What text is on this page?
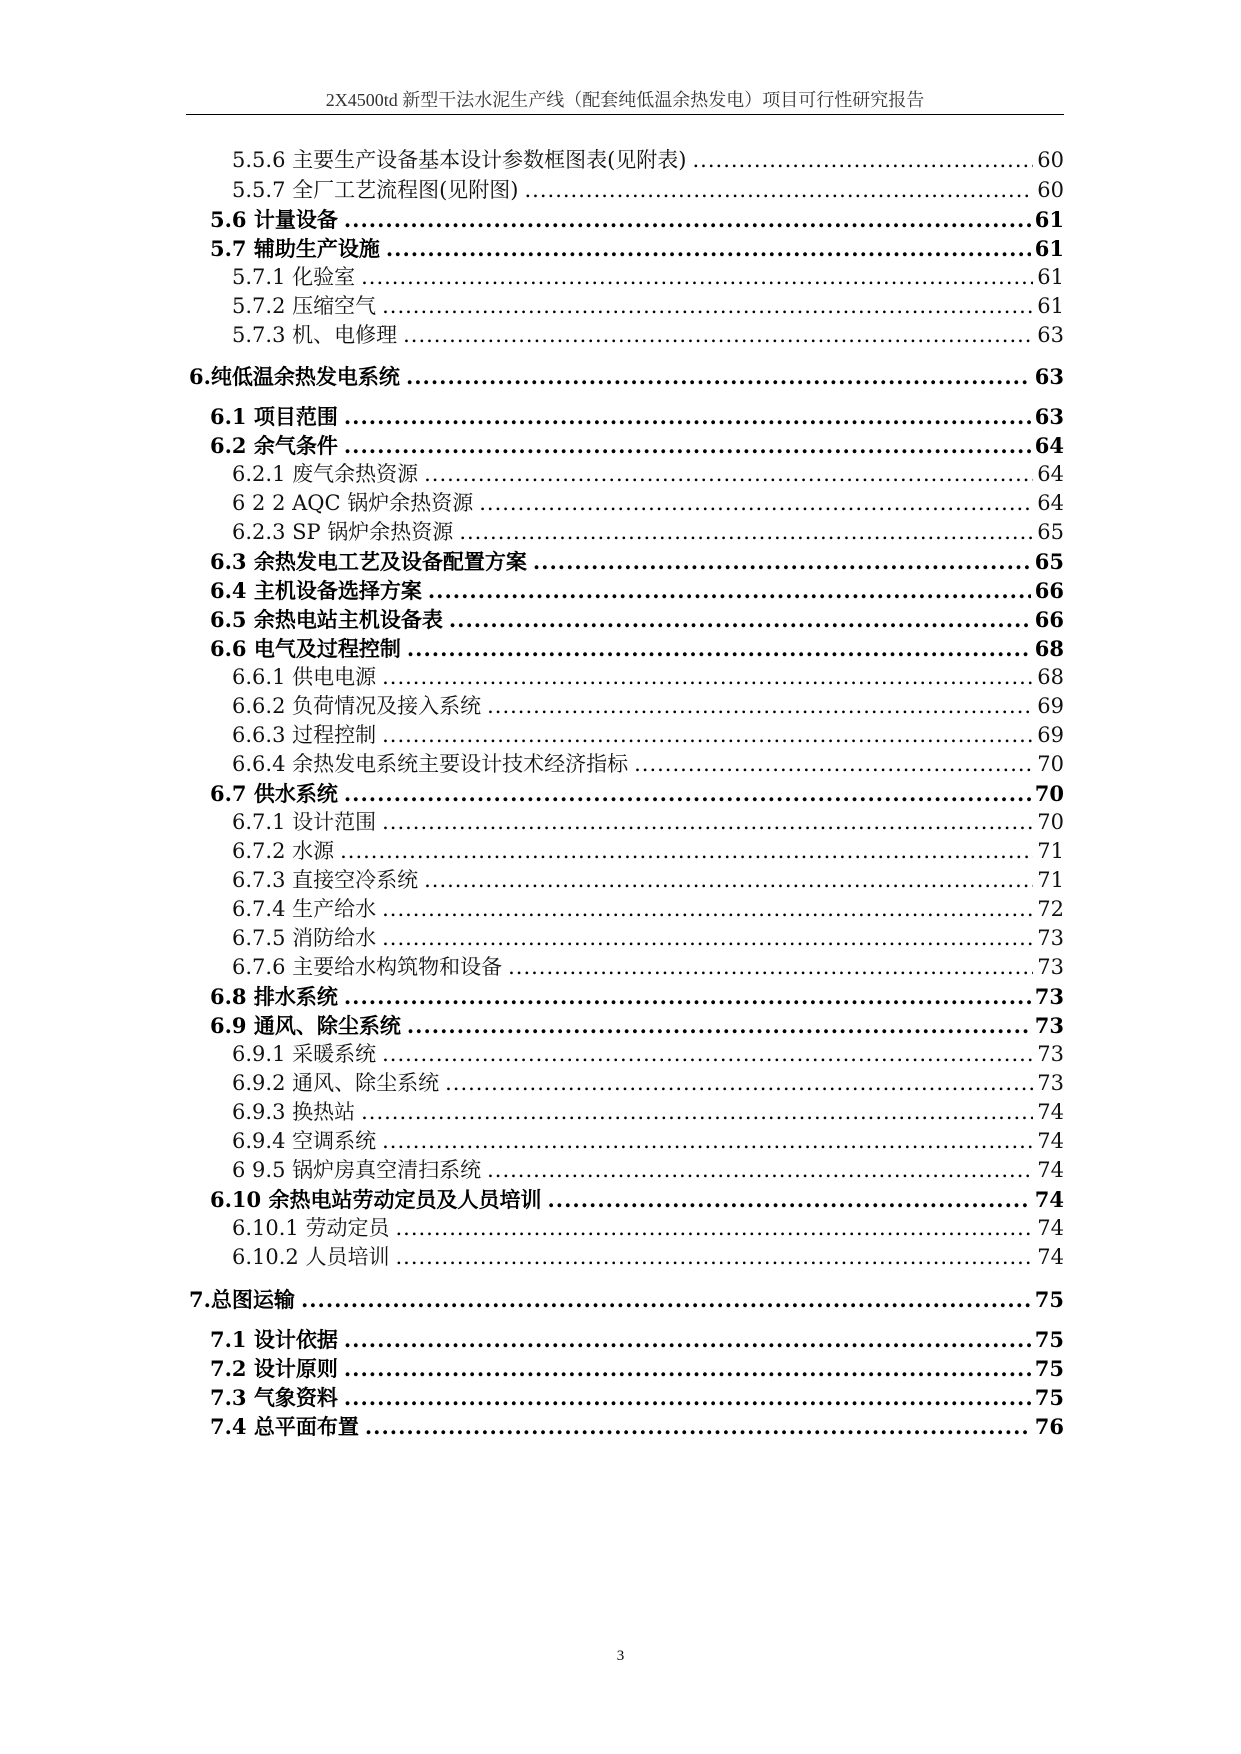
2X4500td 新型干法水泥生产线（配套纯低温余热发电）项目可行性研究报告
5.5.6 主要生产设备基本设计参数框图表(见附表) .....	60
5.5.7 全厂工艺流程图(见附图) .....	60
5.6 计量设备 .....	61
5.7 辅助生产设施 .....	61
5.7.1 化验室 .....	61
5.7.2 压缩空气 .....	61
5.7.3 机、电修理 .....	63
6.纯低温余热发电系统 .....	63
6.1 项目范围 .....	63
6.2 余气条件 .....	64
6.2.1 废气余热资源 .....	64
6 2 2 AQC 锅炉余热资源 .....	64
6.2.3 SP 锅炉余热资源 .....	65
6.3 余热发电工艺及设备配置方案 .....	65
6.4 主机设备选择方案 .....	66
6.5 余热电站主机设备表 .....	66
6.6 电气及过程控制 .....	68
6.6.1 供电电源 .....	68
6.6.2 负荷情况及接入系统 .....	69
6.6.3 过程控制 .....	69
6.6.4 余热发电系统主要设计技术经济指标 .....	70
6.7 供水系统 .....	70
6.7.1 设计范围 .....	70
6.7.2 水源 .....	71
6.7.3 直接空冷系统 .....	71
6.7.4 生产给水 .....	72
6.7.5 消防给水 .....	73
6.7.6 主要给水构筑物和设备 .....	73
6.8 排水系统 .....	73
6.9 通风、除尘系统 .....	73
6.9.1 采暖系统 .....	73
6.9.2 通风、除尘系统 .....	73
6.9.3 换热站 .....	74
6.9.4 空调系统 .....	74
6 9.5 锅炉房真空清扫系统 .....	74
6.10 余热电站劳动定员及人员培训 .....	74
6.10.1 劳动定员 .....	74
6.10.2 人员培训 .....	74
7.总图运输 .....	75
7.1 设计依据 .....	75
7.2 设计原则 .....	75
7.3 气象资料 .....	75
7.4 总平面布置 .....	76
3
